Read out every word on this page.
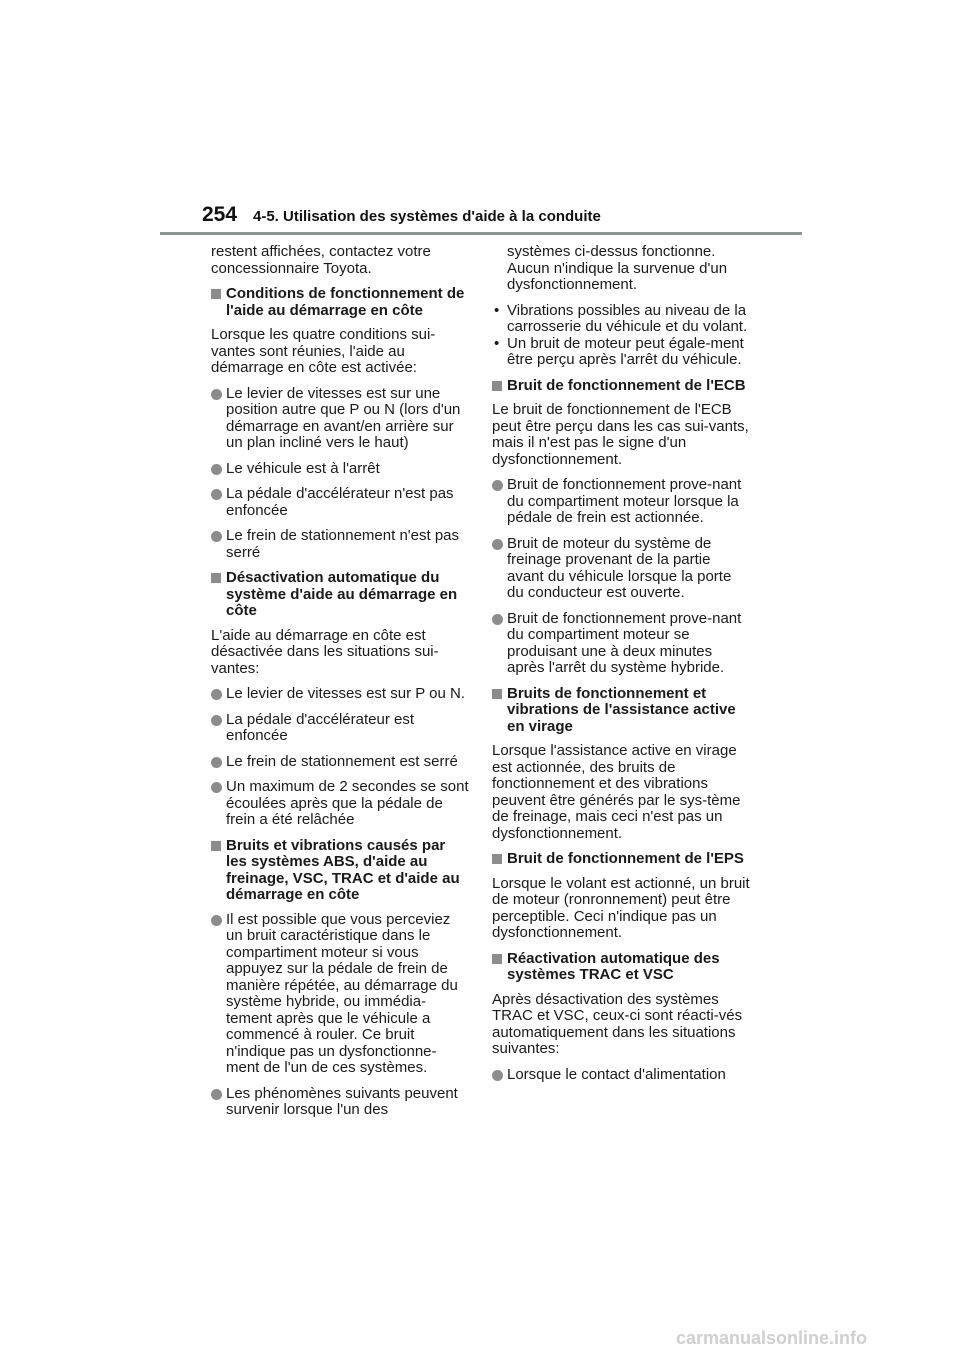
254 4-5. Utilisation des systèmes d'aide à la conduite

restent affichées, contactez votre concessionnaire Toyota.

Conditions de fonctionnement de l'aide au démarrage en côte

Lorsque les quatre conditions sui-vantes sont réunies, l'aide au démarrage en côte est activée:

Le levier de vitesses est sur une position autre que P ou N (lors d'un démarrage en avant/en arrière sur un plan incliné vers le haut)
Le véhicule est à l'arrêt
La pédale d'accélérateur n'est pas enfoncée
Le frein de stationnement n'est pas serré
Désactivation automatique du système d'aide au démarrage en côte

L'aide au démarrage en côte est désactivée dans les situations sui-vantes:

Le levier de vitesses est sur P ou N.
La pédale d'accélérateur est enfoncée
Le frein de stationnement est serré
Un maximum de 2 secondes se sont écoulées après que la pédale de frein a été relâchée
Bruits et vibrations causés par les systèmes ABS, d'aide au freinage, VSC, TRAC et d'aide au démarrage en côte
Il est possible que vous perceviez un bruit caractéristique dans le compartiment moteur si vous appuyez sur la pédale de frein de manière répétée, au démarrage du système hybride, ou immédia-tement après que le véhicule a commencé à rouler. Ce bruit n'indique pas un dysfonctionne-ment de l'un de ces systèmes.
Les phénomènes suivants peuvent survenir lorsque l'un des

systèmes ci-dessus fonctionne. Aucun n'indique la survenue d'un dysfonctionnement.

• Vibrations possibles au niveau de la carrosserie du véhicule et du volant.
• Un bruit de moteur peut égale-ment être perçu après l'arrêt du véhicule.
Bruit de fonctionnement de l'ECB

Le bruit de fonctionnement de l'ECB peut être perçu dans les cas sui-vants, mais il n'est pas le signe d'un dysfonctionnement.

Bruit de fonctionnement prove-nant du compartiment moteur lorsque la pédale de frein est actionnée.
Bruit de moteur du système de freinage provenant de la partie avant du véhicule lorsque la porte du conducteur est ouverte.
Bruit de fonctionnement prove-nant du compartiment moteur se produisant une à deux minutes après l'arrêt du système hybride.
Bruits de fonctionnement et vibrations de l'assistance active en virage

Lorsque l'assistance active en virage est actionnée, des bruits de fonctionnement et des vibrations peuvent être générés par le sys-tème de freinage, mais ceci n'est pas un dysfonctionnement.

Bruit de fonctionnement de l'EPS

Lorsque le volant est actionné, un bruit de moteur (ronronnement) peut être perceptible. Ceci n'indique pas un dysfonctionnement.

Réactivation automatique des systèmes TRAC et VSC

Après désactivation des systèmes TRAC et VSC, ceux-ci sont réacti-vés automatiquement dans les situations suivantes:

Lorsque le contact d'alimentation
carmanualsonline.info
